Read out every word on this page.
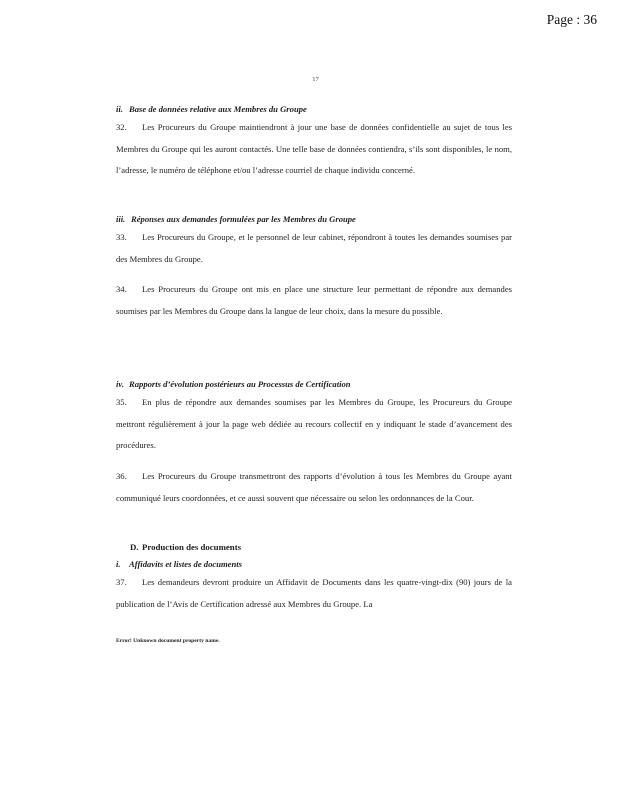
Page : 36
17
ii. Base de données relative aux Membres du Groupe
32. Les Procureurs du Groupe maintiendront à jour une base de données confidentielle au sujet de tous les Membres du Groupe qui les auront contactés. Une telle base de données contiendra, s’ils sont disponibles, le nom, l’adresse, le numéro de téléphone et/ou l’adresse courriel de chaque individu concerné.
iii. Réponses aux demandes formulées par les Membres du Groupe
33. Les Procureurs du Groupe, et le personnel de leur cabinet, répondront à toutes les demandes soumises par des Membres du Groupe.
34. Les Procureurs du Groupe ont mis en place une structure leur permettant de répondre aux demandes soumises par les Membres du Groupe dans la langue de leur choix, dans la mesure du possible.
iv. Rapports d’évolution postérieurs au Processus de Certification
35. En plus de répondre aux demandes soumises par les Membres du Groupe, les Procureurs du Groupe mettront régulièrement à jour la page web dédiée au recours collectif en y indiquant le stade d’avancement des procédures.
36. Les Procureurs du Groupe transmettront des rapports d’évolution à tous les Membres du Groupe ayant communiqué leurs coordonnées, et ce aussi souvent que nécessaire ou selon les ordonnances de la Cour.
D. Production des documents
i. Affidavits et listes de documents
37. Les demandeurs devront produire un Affidavit de Documents dans les quatre-vingt-dix (90) jours de la publication de l’Avis de Certification adressé aux Membres du Groupe. La
Error! Unknown document property name.
